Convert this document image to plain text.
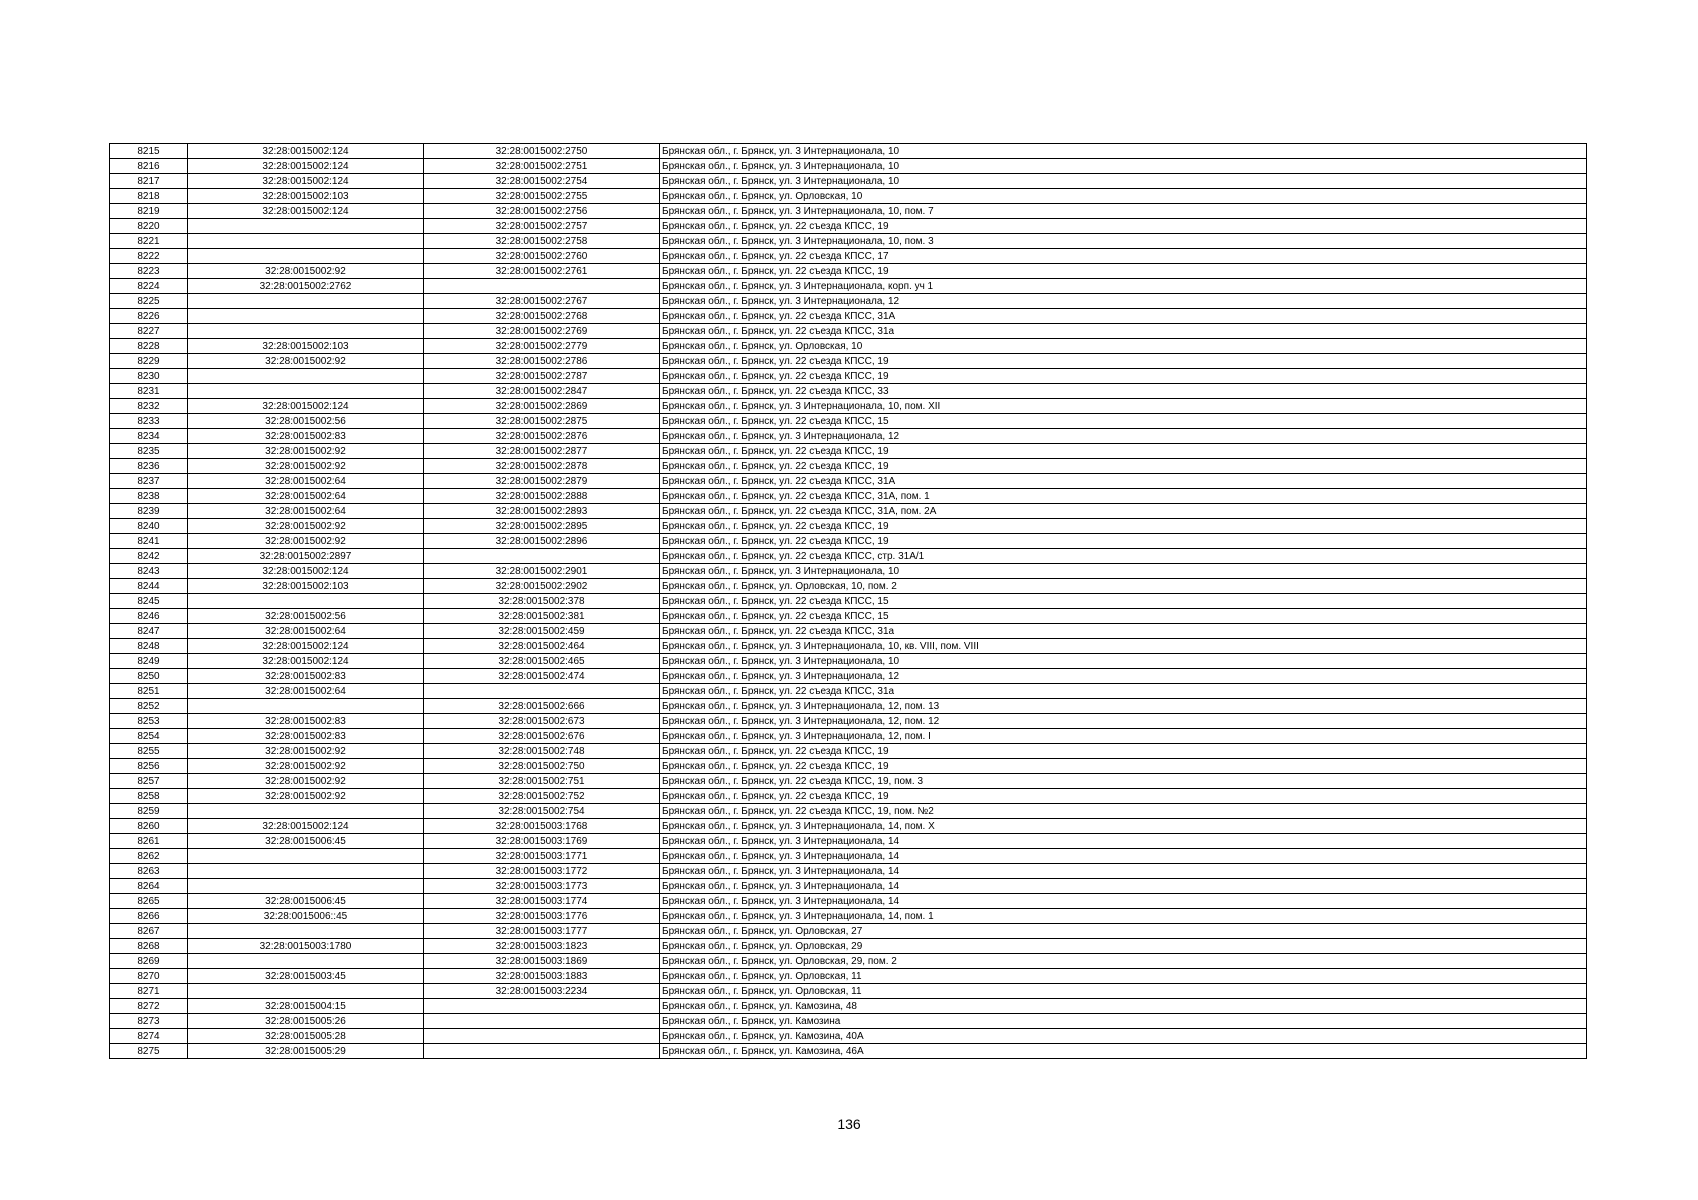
8215	32:28:0015002:124	32:28:0015002:2750	Брянская обл., г. Брянск, ул. 3 Интернационала, 10
8216	32:28:0015002:124	32:28:0015002:2751	Брянская обл., г. Брянск, ул. 3 Интернационала, 10
8217	32:28:0015002:124	32:28:0015002:2754	Брянская обл., г. Брянск, ул. 3 Интернационала, 10
8218	32:28:0015002:103	32:28:0015002:2755	Брянская обл., г. Брянск, ул. Орловская, 10
8219	32:28:0015002:124	32:28:0015002:2756	Брянская обл., г. Брянск, ул. 3 Интернационала, 10, пом. 7
8220		32:28:0015002:2757	Брянская обл., г. Брянск, ул. 22 съезда КПСС, 19
8221		32:28:0015002:2758	Брянская обл., г. Брянск, ул. 3 Интернационала, 10, пом. 3
8222		32:28:0015002:2760	Брянская обл., г. Брянск, ул. 22 съезда КПСС, 17
8223	32:28:0015002:92	32:28:0015002:2761	Брянская обл., г. Брянск, ул. 22 съезда КПСС, 19
8224	32:28:0015002:2762		Брянская обл., г. Брянск, ул. 3 Интернационала, корп. уч 1
8225		32:28:0015002:2767	Брянская обл., г. Брянск, ул. 3 Интернационала, 12
8226		32:28:0015002:2768	Брянская обл., г. Брянск, ул. 22 съезда КПСС, 31А
8227		32:28:0015002:2769	Брянская обл., г. Брянск, ул. 22 съезда КПСС, 31а
8228	32:28:0015002:103	32:28:0015002:2779	Брянская обл., г. Брянск, ул. Орловская, 10
8229	32:28:0015002:92	32:28:0015002:2786	Брянская обл., г. Брянск, ул. 22 съезда КПСС, 19
8230		32:28:0015002:2787	Брянская обл., г. Брянск, ул. 22 съезда КПСС, 19
8231		32:28:0015002:2847	Брянская обл., г. Брянск, ул. 22 съезда КПСС, 33
8232	32:28:0015002:124	32:28:0015002:2869	Брянская обл., г. Брянск, ул. 3 Интернационала, 10, пом. XII
8233	32:28:0015002:56	32:28:0015002:2875	Брянская обл., г. Брянск, ул. 22 съезда КПСС, 15
8234	32:28:0015002:83	32:28:0015002:2876	Брянская обл., г. Брянск, ул. 3 Интернационала, 12
8235	32:28:0015002:92	32:28:0015002:2877	Брянская обл., г. Брянск, ул. 22 съезда КПСС, 19
8236	32:28:0015002:92	32:28:0015002:2878	Брянская обл., г. Брянск, ул. 22 съезда КПСС, 19
8237	32:28:0015002:64	32:28:0015002:2879	Брянская обл., г. Брянск, ул. 22 съезда КПСС, 31А
8238	32:28:0015002:64	32:28:0015002:2888	Брянская обл., г. Брянск, ул. 22 съезда КПСС, 31А, пом. 1
8239	32:28:0015002:64	32:28:0015002:2893	Брянская обл., г. Брянск, ул. 22 съезда КПСС, 31А, пом. 2А
8240	32:28:0015002:92	32:28:0015002:2895	Брянская обл., г. Брянск, ул. 22 съезда КПСС, 19
8241	32:28:0015002:92	32:28:0015002:2896	Брянская обл., г. Брянск, ул. 22 съезда КПСС, 19
8242	32:28:0015002:2897		Брянская обл., г. Брянск, ул. 22 съезда КПСС, стр. 31А/1
8243	32:28:0015002:124	32:28:0015002:2901	Брянская обл., г. Брянск, ул. 3 Интернационала, 10
8244	32:28:0015002:103	32:28:0015002:2902	Брянская обл., г. Брянск, ул. Орловская, 10, пом. 2
8245		32:28:0015002:378	Брянская обл., г. Брянск, ул. 22 съезда КПСС, 15
8246	32:28:0015002:56	32:28:0015002:381	Брянская обл., г. Брянск, ул. 22 съезда КПСС, 15
8247	32:28:0015002:64	32:28:0015002:459	Брянская обл., г. Брянск, ул. 22 съезда КПСС, 31а
8248	32:28:0015002:124	32:28:0015002:464	Брянская обл., г. Брянск, ул. 3 Интернационала, 10, кв. VIII, пом. VIII
8249	32:28:0015002:124	32:28:0015002:465	Брянская обл., г. Брянск, ул. 3 Интернационала, 10
8250	32:28:0015002:83	32:28:0015002:474	Брянская обл., г. Брянск, ул. 3 Интернационала, 12
8251	32:28:0015002:64		Брянская обл., г. Брянск, ул. 22 съезда КПСС, 31а
8252		32:28:0015002:666	Брянская обл., г. Брянск, ул. 3 Интернационала, 12, пом. 13
8253	32:28:0015002:83	32:28:0015002:673	Брянская обл., г. Брянск, ул. 3 Интернационала, 12, пом. 12
8254	32:28:0015002:83	32:28:0015002:676	Брянская обл., г. Брянск, ул. 3 Интернационала, 12, пом. I
8255	32:28:0015002:92	32:28:0015002:748	Брянская обл., г. Брянск, ул. 22 съезда КПСС, 19
8256	32:28:0015002:92	32:28:0015002:750	Брянская обл., г. Брянск, ул. 22 съезда КПСС, 19
8257	32:28:0015002:92	32:28:0015002:751	Брянская обл., г. Брянск, ул. 22 съезда КПСС, 19, пом. 3
8258	32:28:0015002:92	32:28:0015002:752	Брянская обл., г. Брянск, ул. 22 съезда КПСС, 19
8259		32:28:0015002:754	Брянская обл., г. Брянск, ул. 22 съезда КПСС, 19, пом. №2
8260	32:28:0015002:124	32:28:0015003:1768	Брянская обл., г. Брянск, ул. 3 Интернационала, 14, пом. X
8261	32:28:0015006:45	32:28:0015003:1769	Брянская обл., г. Брянск, ул. 3 Интернационала, 14
8262		32:28:0015003:1771	Брянская обл., г. Брянск, ул. 3 Интернационала, 14
8263		32:28:0015003:1772	Брянская обл., г. Брянск, ул. 3 Интернационала, 14
8264		32:28:0015003:1773	Брянская обл., г. Брянск, ул. 3 Интернационала, 14
8265	32:28:0015006:45	32:28:0015003:1774	Брянская обл., г. Брянск, ул. 3 Интернационала, 14
8266	32:28:0015006::45	32:28:0015003:1776	Брянская обл., г. Брянск, ул. 3 Интернационала, 14, пом. 1
8267		32:28:0015003:1777	Брянская обл., г. Брянск, ул. Орловская, 27
8268	32:28:0015003:1780	32:28:0015003:1823	Брянская обл., г. Брянск, ул. Орловская, 29
8269		32:28:0015003:1869	Брянская обл., г. Брянск, ул. Орловская, 29, пом. 2
8270	32:28:0015003:45	32:28:0015003:1883	Брянская обл., г. Брянск, ул. Орловская, 11
8271		32:28:0015003:2234	Брянская обл., г. Брянск, ул. Орловская, 11
8272	32:28:0015004:15		Брянская обл., г. Брянск, ул. Камозина, 48
8273	32:28:0015005:26		Брянская обл., г. Брянск, ул. Камозина
8274	32:28:0015005:28		Брянская обл., г. Брянск, ул. Камозина, 40А
8275	32:28:0015005:29		Брянская обл., г. Брянск, ул. Камозина, 46А
136
